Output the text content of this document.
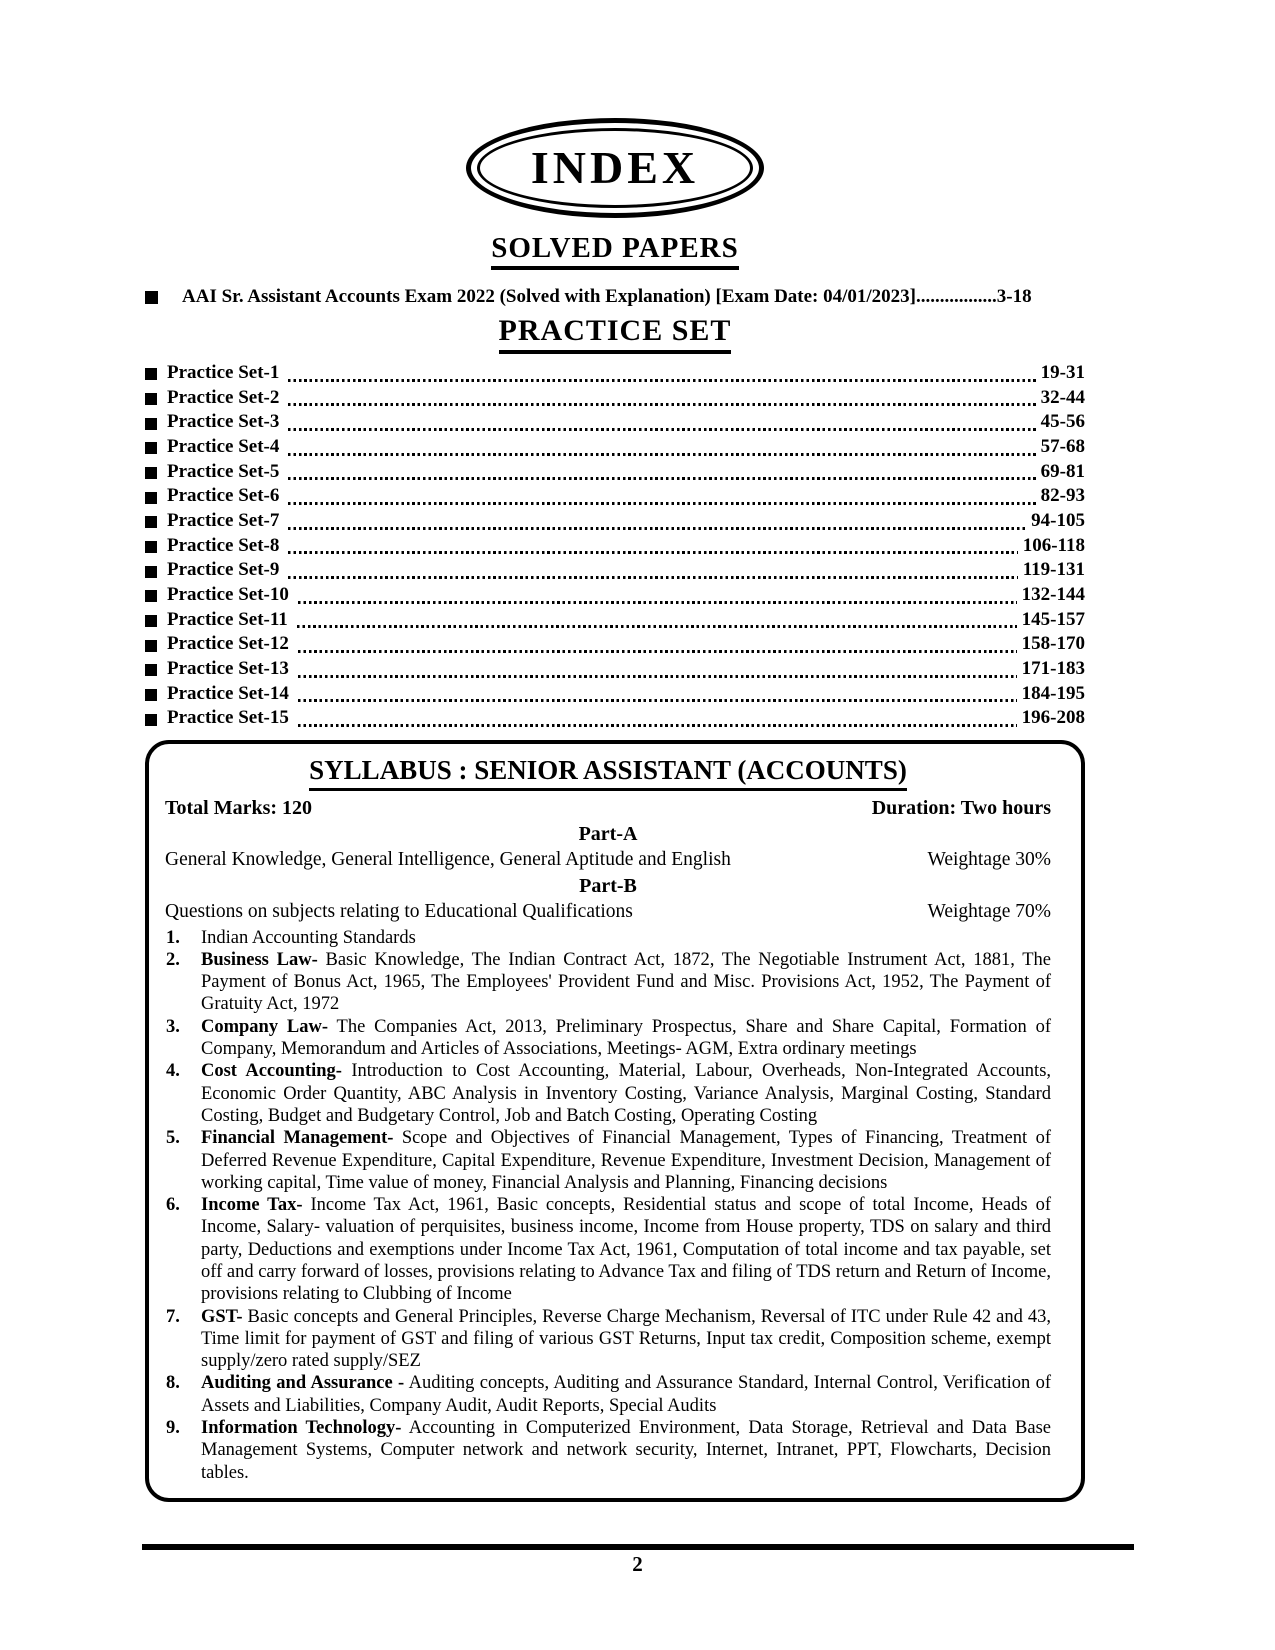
INDEX
SOLVED PAPERS
AAI Sr. Assistant Accounts Exam 2022 (Solved with Explanation) [Exam Date: 04/01/2023] ................. 3-18
PRACTICE SET
Practice Set-1	19-31
Practice Set-2	32-44
Practice Set-3	45-56
Practice Set-4	57-68
Practice Set-5	69-81
Practice Set-6	82-93
Practice Set-7	94-105
Practice Set-8	106-118
Practice Set-9	119-131
Practice Set-10	132-144
Practice Set-11	145-157
Practice Set-12	158-170
Practice Set-13	171-183
Practice Set-14	184-195
Practice Set-15	196-208
SYLLABUS : SENIOR ASSISTANT (ACCOUNTS)
Total Marks: 120	Duration: Two hours
Part-A
General Knowledge, General Intelligence, General Aptitude and English	Weightage 30%
Part-B
Questions on subjects relating to Educational Qualifications	Weightage 70%
1. Indian Accounting Standards
2. Business Law- Basic Knowledge, The Indian Contract Act, 1872, The Negotiable Instrument Act, 1881, The Payment of Bonus Act, 1965, The Employees' Provident Fund and Misc. Provisions Act, 1952, The Payment of Gratuity Act, 1972
3. Company Law- The Companies Act, 2013, Preliminary Prospectus, Share and Share Capital, Formation of Company, Memorandum and Articles of Associations, Meetings- AGM, Extra ordinary meetings
4. Cost Accounting- Introduction to Cost Accounting, Material, Labour, Overheads, Non-Integrated Accounts, Economic Order Quantity, ABC Analysis in Inventory Costing, Variance Analysis, Marginal Costing, Standard Costing, Budget and Budgetary Control, Job and Batch Costing, Operating Costing
5. Financial Management- Scope and Objectives of Financial Management, Types of Financing, Treatment of Deferred Revenue Expenditure, Capital Expenditure, Revenue Expenditure, Investment Decision, Management of working capital, Time value of money, Financial Analysis and Planning, Financing decisions
6. Income Tax- Income Tax Act, 1961, Basic concepts, Residential status and scope of total Income, Heads of Income, Salary- valuation of perquisites, business income, Income from House property, TDS on salary and third party, Deductions and exemptions under Income Tax Act, 1961, Computation of total income and tax payable, set off and carry forward of losses, provisions relating to Advance Tax and filing of TDS return and Return of Income, provisions relating to Clubbing of Income
7. GST- Basic concepts and General Principles, Reverse Charge Mechanism, Reversal of ITC under Rule 42 and 43, Time limit for payment of GST and filing of various GST Returns, Input tax credit, Composition scheme, exempt supply/zero rated supply/SEZ
8. Auditing and Assurance - Auditing concepts, Auditing and Assurance Standard, Internal Control, Verification of Assets and Liabilities, Company Audit, Audit Reports, Special Audits
9. Information Technology- Accounting in Computerized Environment, Data Storage, Retrieval and Data Base Management Systems, Computer network and network security, Internet, Intranet, PPT, Flowcharts, Decision tables.
2
